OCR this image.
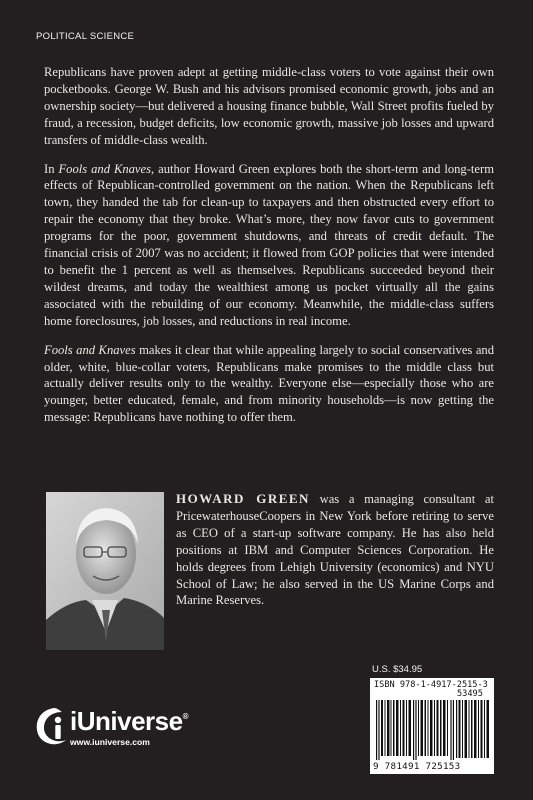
POLITICAL SCIENCE

Republicans have proven adept at getting middle-class voters to vote against their own pocketbooks. George W. Bush and his advisors promised economic growth, jobs and an ownership society—but delivered a housing finance bubble, Wall Street profits fueled by fraud, a recession, budget deficits, low economic growth, massive job losses and upward transfers of middle-class wealth.

In Fools and Knaves, author Howard Green explores both the short-term and long-term effects of Republican-controlled government on the nation. When the Republicans left town, they handed the tab for clean-up to taxpayers and then obstructed every effort to repair the economy that they broke. What’s more, they now favor cuts to government programs for the poor, government shutdowns, and threats of credit default. The financial crisis of 2007 was no accident; it flowed from GOP policies that were intended to benefit the 1 percent as well as themselves. Republicans succeeded beyond their wildest dreams, and today the wealthiest among us pocket virtually all the gains associated with the rebuilding of our economy. Meanwhile, the middle-class suffers home foreclosures, job losses, and reductions in real income.

Fools and Knaves makes it clear that while appealing largely to social conservatives and older, white, blue-collar voters, Republicans make promises to the middle class but actually deliver results only to the wealthy. Everyone else—especially those who are younger, better educated, female, and from minority households—is now getting the message: Republicans have nothing to offer them.

HOWARD GREEN was a managing consultant at PricewaterhouseCoopers in New York before retiring to serve as CEO of a start-up software company. He has also held positions at IBM and Computer Sciences Corporation. He holds degrees from Lehigh University (economics) and NYU School of Law; he also served in the US Marine Corps and Marine Reserves.
U.S. $34.95
ISBN 978-1-4917-2515-3
53495
9 781491 725153
iUniverse®
www.iuniverse.com
